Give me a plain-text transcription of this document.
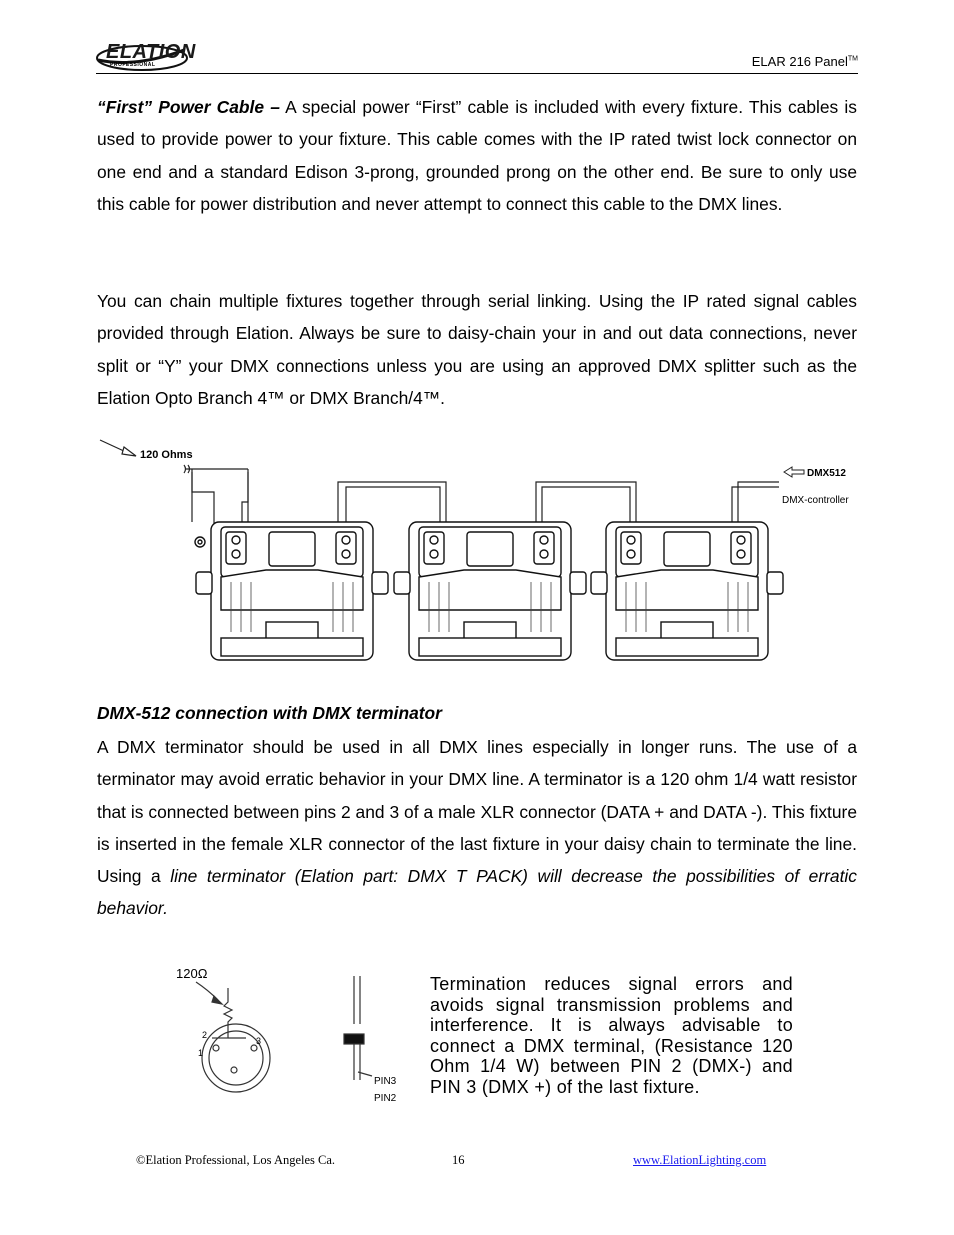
ELATION
PROFESSIONAL	ELAR 216 Panel™

“First” Power Cable – A special power “First” cable is included with every fixture. This cables is used to provide power to your fixture. This cable comes with the IP rated twist lock connector on one end and a standard Edison 3-prong, grounded prong on the other end. Be sure to only use this cable for power distribution and never attempt to connect this cable to the DMX lines.

You can chain multiple fixtures together through serial linking. Using the IP rated signal cables provided through Elation. Always be sure to daisy-chain your in and out data connections, never split or “Y” your DMX connections unless you are using an approved DMX splitter such as the Elation Opto Branch 4™ or DMX Branch/4™.

120 Ohms
DMX512
DMX-controller

DMX-512 connection with DMX terminator

A DMX terminator should be used in all DMX lines especially in longer runs. The use of a terminator may avoid erratic behavior in your DMX line. A terminator is a 120 ohm 1/4 watt resistor that is connected between pins 2 and 3 of a male XLR connector (DATA + and DATA -). This fixture is inserted in the female XLR connector of the last fixture in your daisy chain to terminate the line. Using a line terminator (Elation part: DMX T PACK) will decrease the possibilities of erratic behavior.

120Ω
1
2
3
PIN3
PIN2

Termination reduces signal errors and avoids signal transmission problems and interference. It is always advisable to connect a DMX terminal, (Resistance 120 Ohm 1/4 W) between PIN 2 (DMX-) and PIN 3 (DMX +) of the last fixture.

©Elation Professional, Los Angeles Ca.	16	www.ElationLighting.com
